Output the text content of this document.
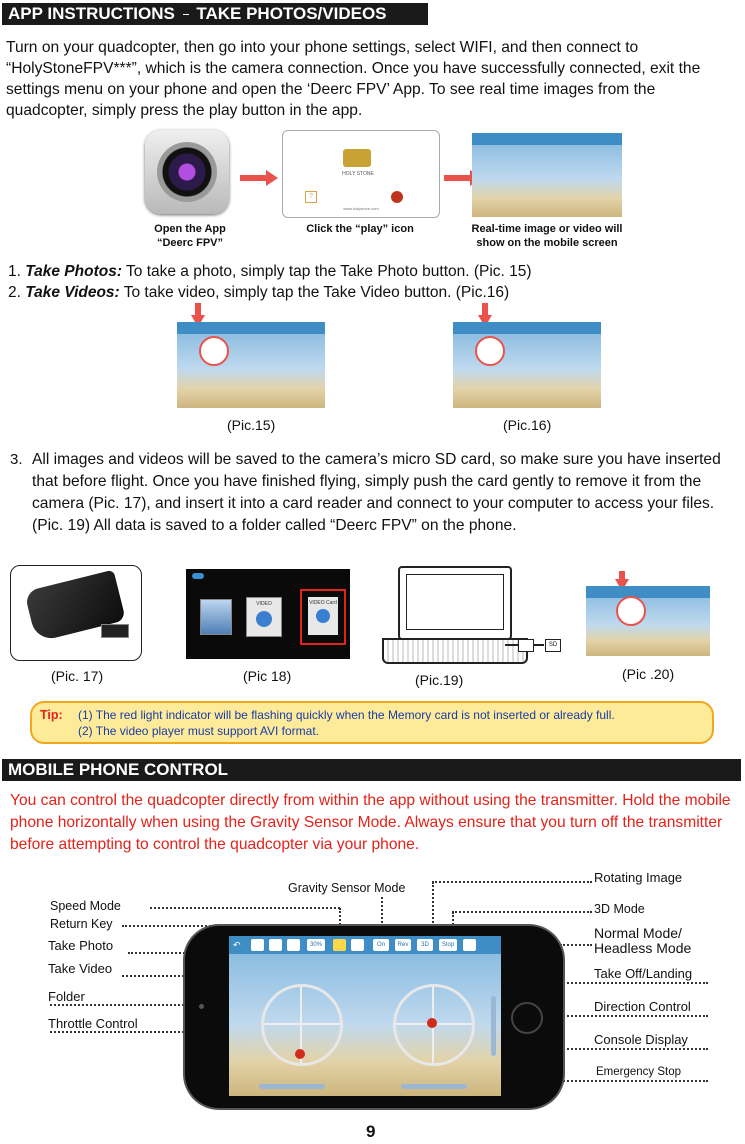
APP INSTRUCTIONS TAKE PHOTOS/VIDEOS
Turn on your quadcopter, then go into your phone settings, select WIFI, and then connect to “HolyStoneFPV***”, which is the camera connection. Once you have successfully connected, exit the settings menu on your phone and open the ‘Deerc FPV’ App. To see real time images from the quadcopter, simply press the play button in the app.
Open the App
“Deerc FPV”
HOLY STONE
?
www.holystone.com
Click the “play” icon	Real-time image or video will
show on the mobile screen
1. Take Photos: To take a photo, simply tap the Take Photo button. (Pic. 15)
2. Take Videos: To take video, simply tap the Take Video button. (Pic.16)
(Pic.15)	(Pic.16)
3. All images and videos will be saved to the camera’s micro SD card, so make sure you have inserted that before flight. Once you have finished flying, simply push the card gently to remove it from the camera (Pic. 17), and insert it into a card reader and connect to your computer to access your files.(Pic. 19) All data is saved to a folder called “Deerc FPV” on the phone.
(Pic. 17)
VIDEO	VIDEO Card
(Pic 18)
SD
(Pic.19)	(Pic .20)
Tip: (1) The red light indicator will be flashing quickly when the Memory card is not inserted or already full.
(2) The video player must support AVI format.
MOBILE PHONE CONTROL
You can control the quadcopter directly from within the app without using the transmitter. Hold the mobile phone horizontally when using the Gravity Sensor Mode. Always ensure that you turn off the transmitter before attempting to control the quadcopter via your phone.
Gravity Sensor Mode
Rotating Image
Speed Mode
Return Key
3D Mode
Take Photo
Normal Mode/
Headless Mode
Take Video	Take Off/Landing
Folder
Direction Control
Throttle Control
Console Display
Emergency Stop
↶	30%	On	Rev	3D	Stop
9
